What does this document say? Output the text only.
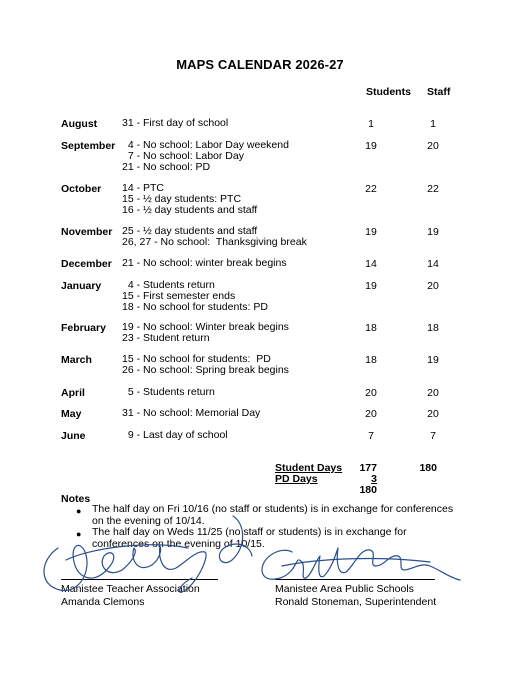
MAPS CALENDAR 2026-27
Students Staff
August 31 - First day of school	1	1
September 4 - No school: Labor Day weekend
7 - No school: Labor Day
21 - No school: PD
19	20
October 14 - PTC
15 - ½ day students: PTC
16 - ½ day students and staff
22	22
November 25 - ½ day students and staff
26, 27 - No school:  Thanksgiving break
19	19
December 21 - No school: winter break begins	14	14
January 4 - Students return
15 - First semester ends
18 - No school for students: PD
19	20
February 19 - No school: Winter break begins
23 - Student return
18	18
March	15 - No school for students:  PD
26 - No school: Spring break begins
18	19
April	5 - Students return	20	20
May	31 - No school: Memorial Day	20	20
June	9 - Last day of school	7	7
Student Days	177	180
PD Days	3
180
Notes
● The half day on Fri 10/16 (no staff or students) is in exchange for conferences on the evening of 10/14.
● The half day on Weds 11/25 (no staff or students) is in exchange for conferences on the evening of 10/15.
Manistee Teacher Association
Amanda Clemons
Manistee Area Public Schools
Ronald Stoneman, Superintendent
